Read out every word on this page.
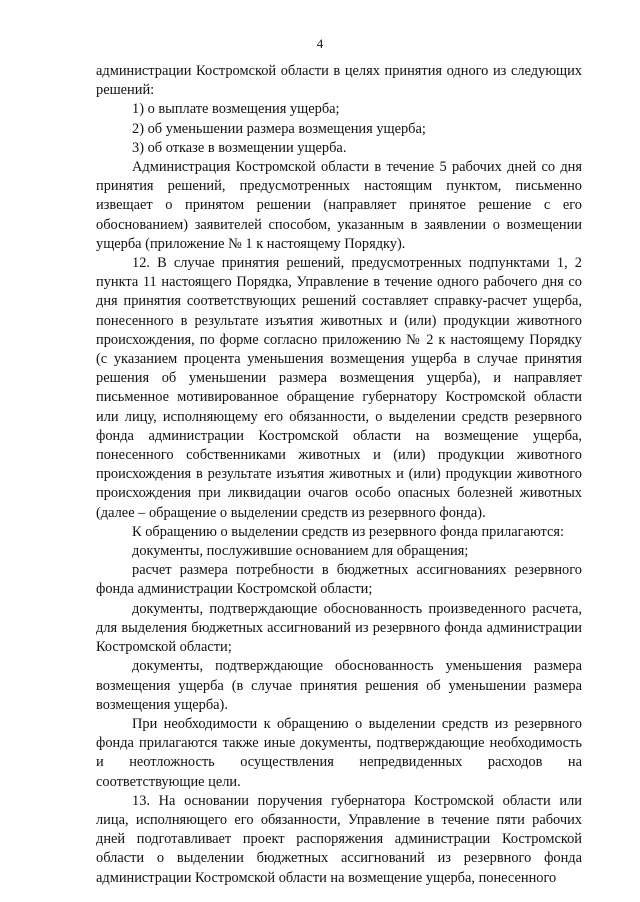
4

администрации Костромской области в целях принятия одного из следующих решений:

1) о выплате возмещения ущерба;

2) об уменьшении размера возмещения ущерба;

3) об отказе в возмещении ущерба.

Администрация Костромской области в течение 5 рабочих дней со дня принятия решений, предусмотренных настоящим пунктом, письменно извещает о принятом решении (направляет принятое решение с его обоснованием) заявителей способом, указанным в заявлении о возмещении ущерба (приложение № 1 к настоящему Порядку).

12. В случае принятия решений, предусмотренных подпунктами 1, 2 пункта 11 настоящего Порядка, Управление в течение одного рабочего дня со дня принятия соответствующих решений составляет справку-расчет ущерба, понесенного в результате изъятия животных и (или) продукции животного происхождения, по форме согласно приложению № 2 к настоящему Порядку (с указанием процента уменьшения возмещения ущерба в случае принятия решения об уменьшении размера возмещения ущерба), и направляет письменное мотивированное обращение губернатору Костромской области или лицу, исполняющему его обязанности, о выделении средств резервного фонда администрации Костромской области на возмещение ущерба, понесенного собственниками животных и (или) продукции животного происхождения в результате изъятия животных и (или) продукции животного происхождения при ликвидации очагов особо опасных болезней животных (далее – обращение о выделении средств из резервного фонда).

К обращению о выделении средств из резервного фонда прилагаются:

документы, послужившие основанием для обращения;

расчет размера потребности в бюджетных ассигнованиях резервного фонда администрации Костромской области;

документы, подтверждающие обоснованность произведенного расчета, для выделения бюджетных ассигнований из резервного фонда администрации Костромской области;

документы, подтверждающие обоснованность уменьшения размера возмещения ущерба (в случае принятия решения об уменьшении размера возмещения ущерба).

При необходимости к обращению о выделении средств из резервного фонда прилагаются также иные документы, подтверждающие необходимость и неотложность осуществления непредвиденных расходов на соответствующие цели.

13. На основании поручения губернатора Костромской области или лица, исполняющего его обязанности, Управление в течение пяти рабочих дней подготавливает проект распоряжения администрации Костромской области о выделении бюджетных ассигнований из резервного фонда администрации Костромской области на возмещение ущерба, понесенного
